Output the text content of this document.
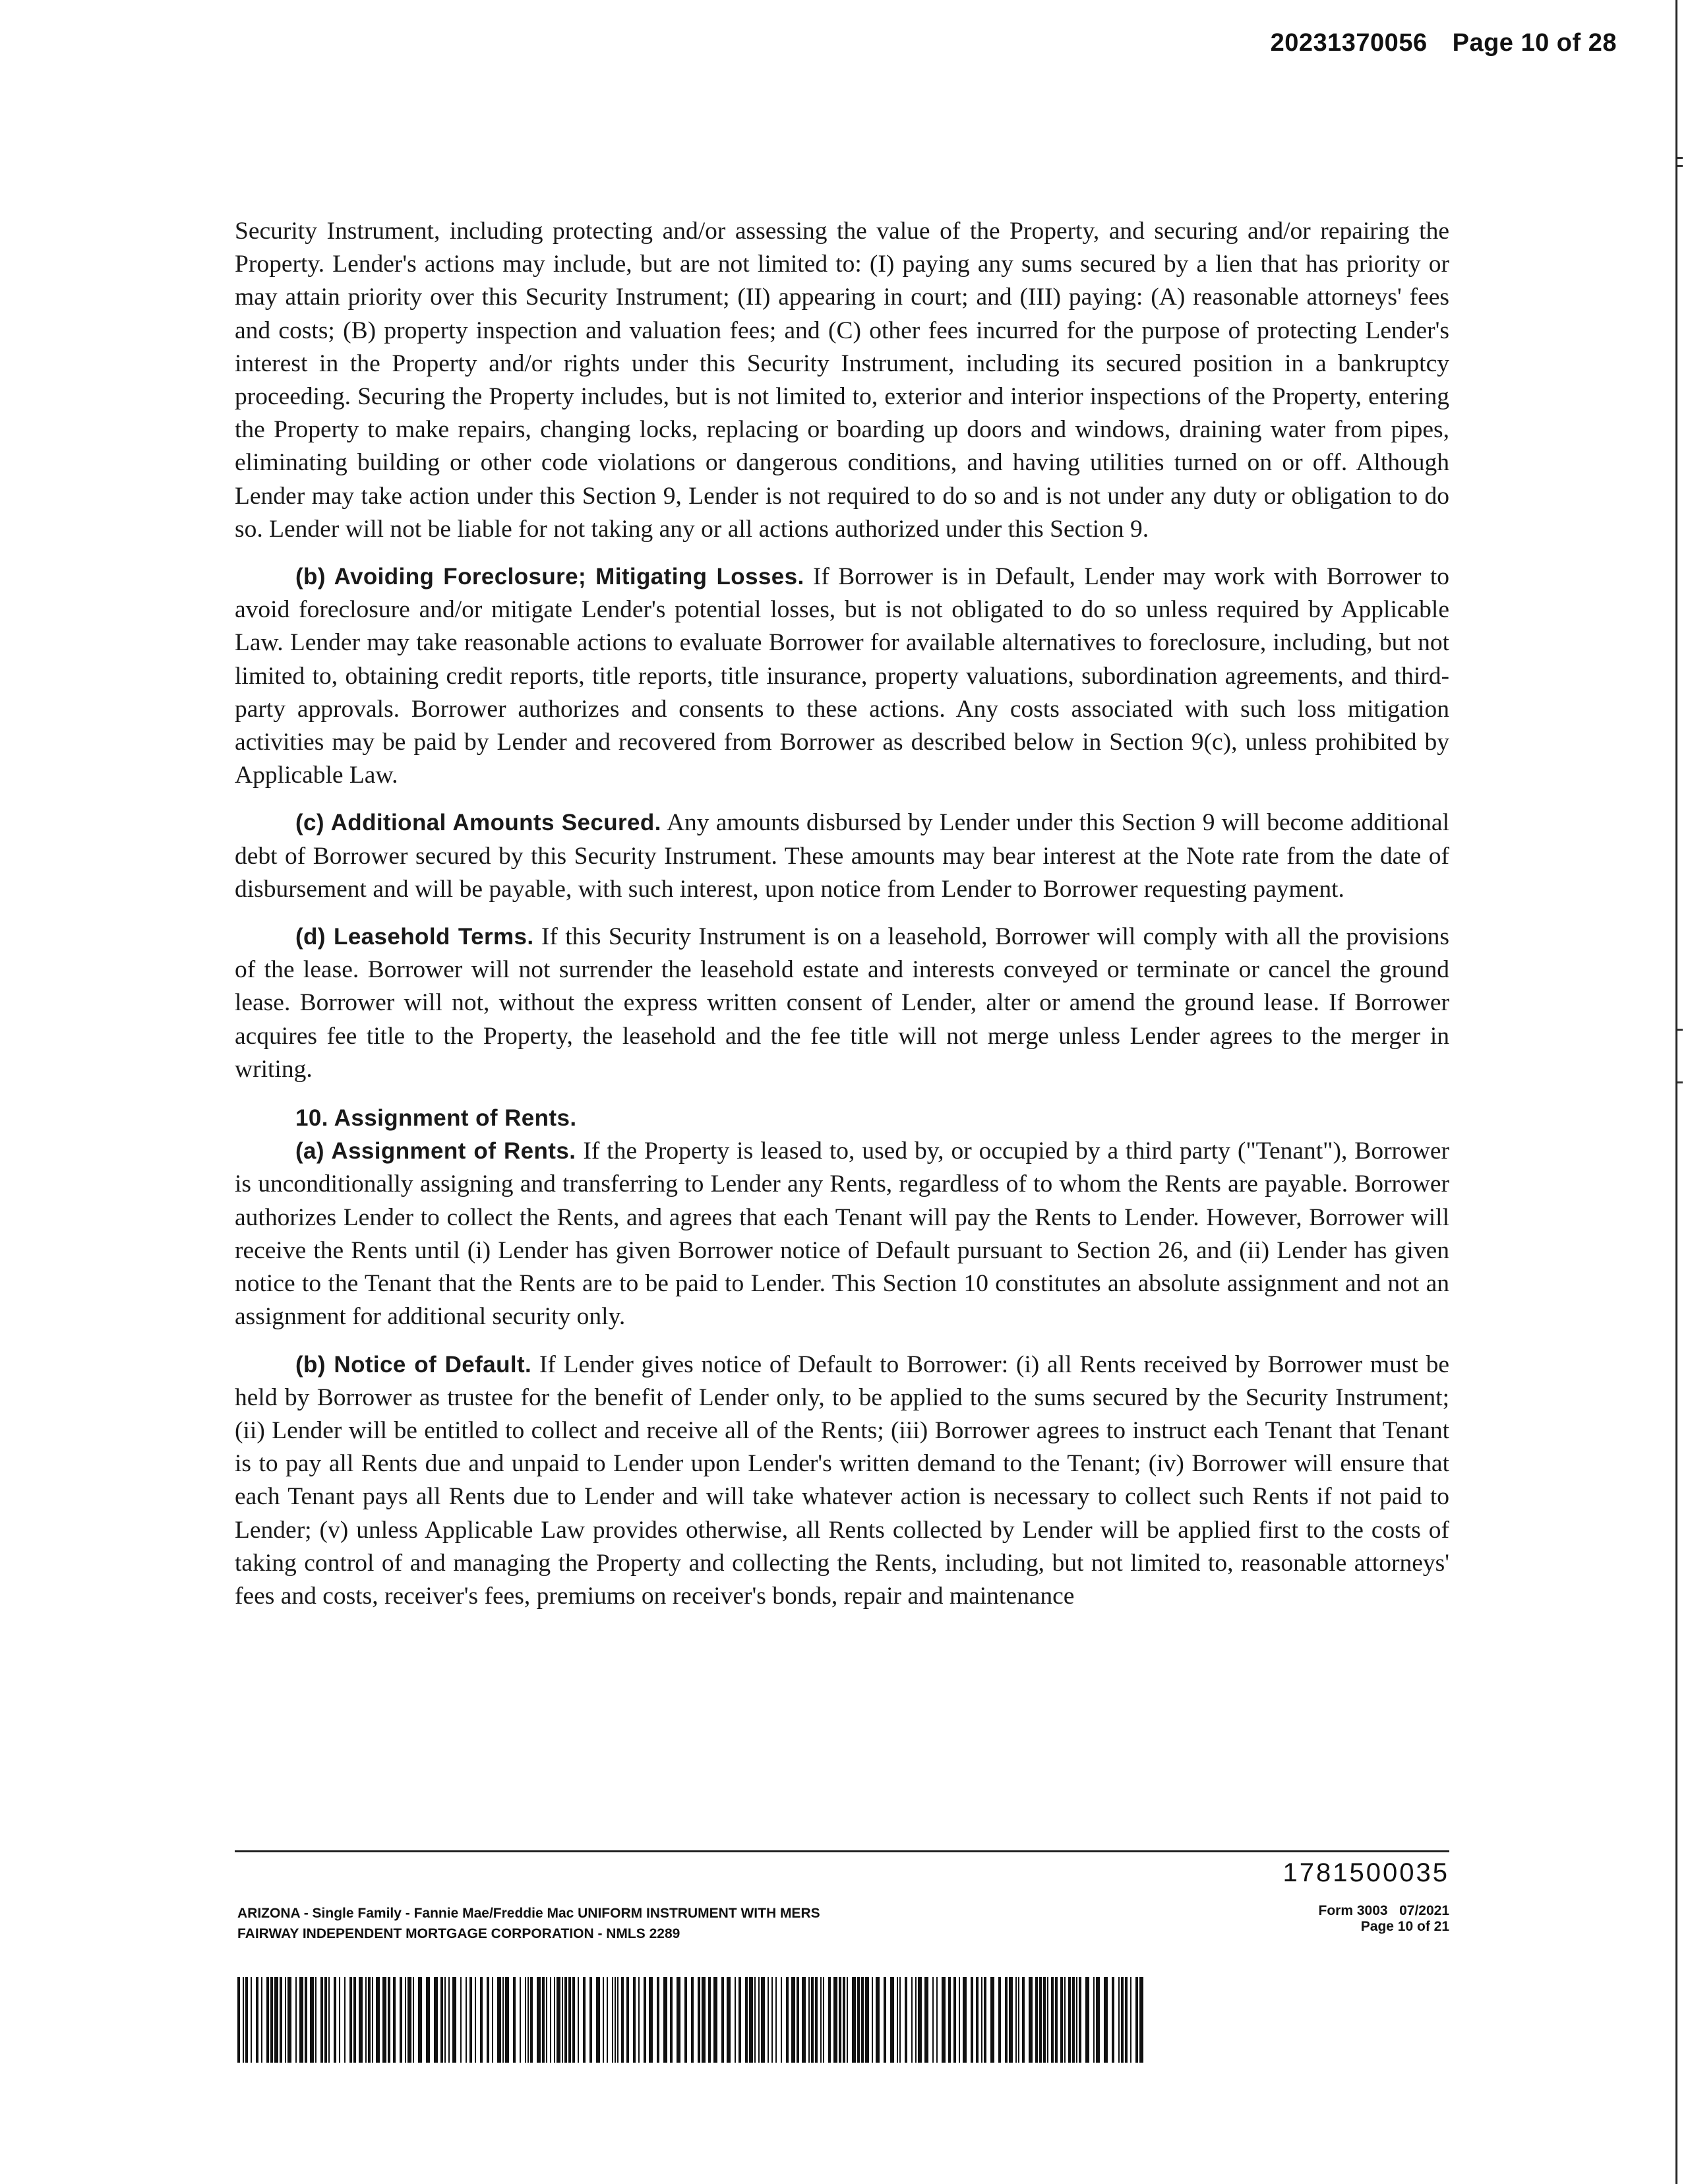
20231370056 Page 10 of 28

Security Instrument, including protecting and/or assessing the value of the Property, and securing and/or repairing the Property. Lender's actions may include, but are not limited to: (I) paying any sums secured by a lien that has priority or may attain priority over this Security Instrument; (II) appearing in court; and (III) paying: (A) reasonable attorneys' fees and costs; (B) property inspection and valuation fees; and (C) other fees incurred for the purpose of protecting Lender's interest in the Property and/or rights under this Security Instrument, including its secured position in a bankruptcy proceeding. Securing the Property includes, but is not limited to, exterior and interior inspections of the Property, entering the Property to make repairs, changing locks, replacing or boarding up doors and windows, draining water from pipes, eliminating building or other code violations or dangerous conditions, and having utilities turned on or off. Although Lender may take action under this Section 9, Lender is not required to do so and is not under any duty or obligation to do so. Lender will not be liable for not taking any or all actions authorized under this Section 9.

(b) Avoiding Foreclosure; Mitigating Losses. If Borrower is in Default, Lender may work with Borrower to avoid foreclosure and/or mitigate Lender's potential losses, but is not obligated to do so unless required by Applicable Law. Lender may take reasonable actions to evaluate Borrower for available alternatives to foreclosure, including, but not limited to, obtaining credit reports, title reports, title insurance, property valuations, subordination agreements, and third-party approvals. Borrower authorizes and consents to these actions. Any costs associated with such loss mitigation activities may be paid by Lender and recovered from Borrower as described below in Section 9(c), unless prohibited by Applicable Law.

(c) Additional Amounts Secured. Any amounts disbursed by Lender under this Section 9 will become additional debt of Borrower secured by this Security Instrument. These amounts may bear interest at the Note rate from the date of disbursement and will be payable, with such interest, upon notice from Lender to Borrower requesting payment.

(d) Leasehold Terms. If this Security Instrument is on a leasehold, Borrower will comply with all the provisions of the lease. Borrower will not surrender the leasehold estate and interests conveyed or terminate or cancel the ground lease. Borrower will not, without the express written consent of Lender, alter or amend the ground lease. If Borrower acquires fee title to the Property, the leasehold and the fee title will not merge unless Lender agrees to the merger in writing.

10. Assignment of Rents.

(a) Assignment of Rents. If the Property is leased to, used by, or occupied by a third party ("Tenant"), Borrower is unconditionally assigning and transferring to Lender any Rents, regardless of to whom the Rents are payable. Borrower authorizes Lender to collect the Rents, and agrees that each Tenant will pay the Rents to Lender. However, Borrower will receive the Rents until (i) Lender has given Borrower notice of Default pursuant to Section 26, and (ii) Lender has given notice to the Tenant that the Rents are to be paid to Lender. This Section 10 constitutes an absolute assignment and not an assignment for additional security only.

(b) Notice of Default. If Lender gives notice of Default to Borrower: (i) all Rents received by Borrower must be held by Borrower as trustee for the benefit of Lender only, to be applied to the sums secured by the Security Instrument; (ii) Lender will be entitled to collect and receive all of the Rents; (iii) Borrower agrees to instruct each Tenant that Tenant is to pay all Rents due and unpaid to Lender upon Lender's written demand to the Tenant; (iv) Borrower will ensure that each Tenant pays all Rents due to Lender and will take whatever action is necessary to collect such Rents if not paid to Lender; (v) unless Applicable Law provides otherwise, all Rents collected by Lender will be applied first to the costs of taking control of and managing the Property and collecting the Rents, including, but not limited to, reasonable attorneys' fees and costs, receiver's fees, premiums on receiver's bonds, repair and maintenance

1781500035
ARIZONA - Single Family - Fannie Mae/Freddie Mac UNIFORM INSTRUMENT WITH MERS
FAIRWAY INDEPENDENT MORTGAGE CORPORATION - NMLS 2289
Form 3003   07/2021
Page 10 of 21
